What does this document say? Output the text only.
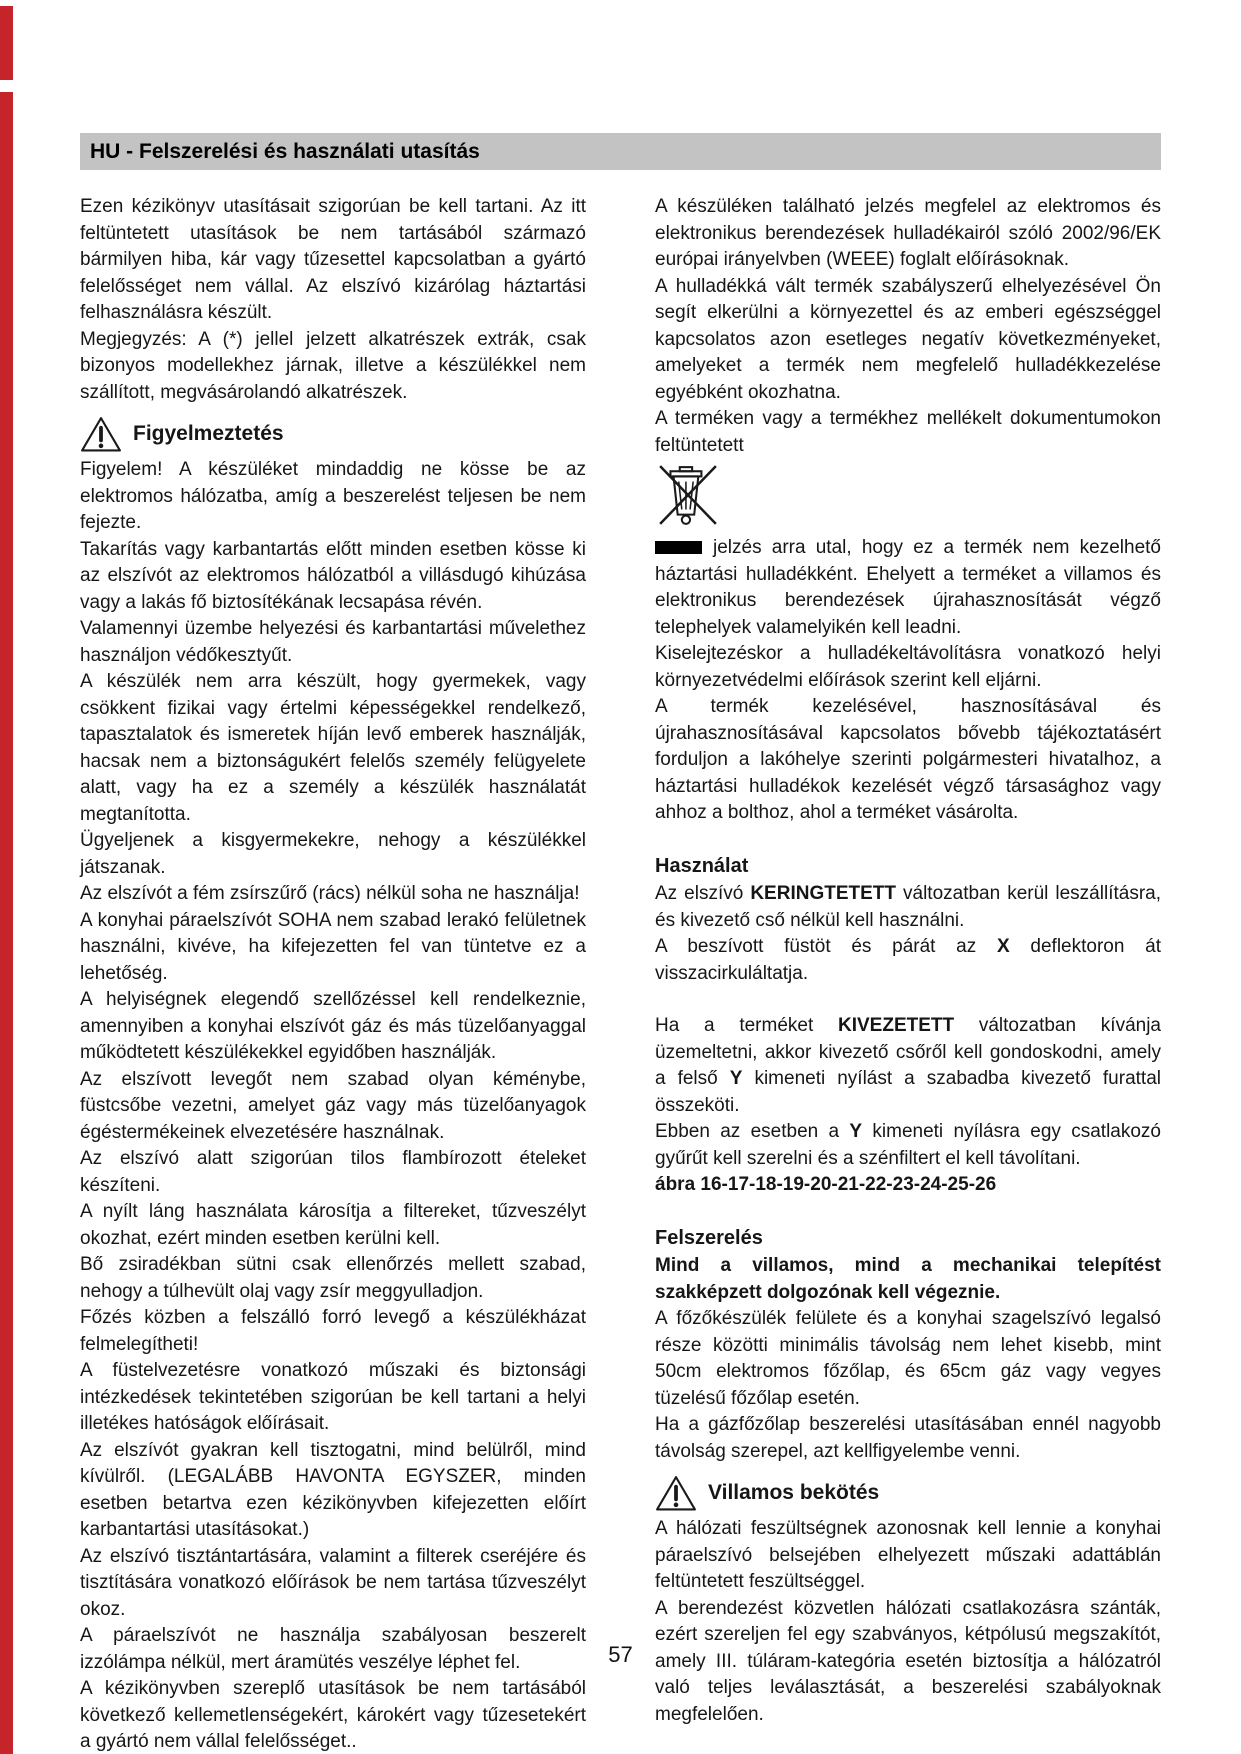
HU - Felszerelési és használati utasítás

Ezen kézikönyv utasításait szigorúan be kell tartani. Az itt feltüntetett utasítások be nem tartásából származó bármilyen hiba, kár vagy tűzesettel kapcsolatban a gyártó felelősséget nem vállal. Az elszívó kizárólag háztartási felhasználásra készült.

Megjegyzés: A (*) jellel jelzett alkatrészek extrák, csak bizonyos modellekhez járnak, illetve a készülékkel nem szállított, megvásárolandó alkatrészek.

Figyelmeztetés

Figyelem! A készüléket mindaddig ne kösse be az elektromos hálózatba, amíg a beszerelést teljesen be nem fejezte.

Takarítás vagy karbantartás előtt minden esetben kösse ki az elszívót az elektromos hálózatból a villásdugó kihúzása vagy a lakás fő biztosítékának lecsapása révén.

Valamennyi üzembe helyezési és karbantartási művelethez használjon védőkesztyűt.

A készülék nem arra készült, hogy gyermekek, vagy csökkent fizikai vagy értelmi képességekkel rendelkező, tapasztalatok és ismeretek híján levő emberek használják, hacsak nem a biztonságukért felelős személy felügyelete alatt, vagy ha ez a személy a készülék használatát megtanította.

Ügyeljenek a kisgyermekekre, nehogy a készülékkel játszanak.

Az elszívót a fém zsírszűrő (rács) nélkül soha ne használja!

A konyhai páraelszívót SOHA nem szabad lerakó felületnek használni, kivéve, ha kifejezetten fel van tüntetve ez a lehetőség.

A helyiségnek elegendő szellőzéssel kell rendelkeznie, amennyiben a konyhai elszívót gáz és más tüzelőanyaggal működtetett készülékekkel egyidőben használják.

Az elszívott levegőt nem szabad olyan kéménybe, füstcsőbe vezetni, amelyet gáz vagy más tüzelőanyagok égéstermékeinek elvezetésére használnak.

Az elszívó alatt szigorúan tilos flambírozott ételeket készíteni.

A nyílt láng használata károsítja a filtereket, tűzveszélyt okozhat, ezért minden esetben kerülni kell.

Bő zsiradékban sütni csak ellenőrzés mellett szabad, nehogy a túlhevült olaj vagy zsír meggyulladjon.

Főzés közben a felszálló forró levegő a készülékházat felmelegítheti!

A füstelvezetésre vonatkozó műszaki és biztonsági intézkedések tekintetében szigorúan be kell tartani a helyi illetékes hatóságok előírásait.

Az elszívót gyakran kell tisztogatni, mind belülről, mind kívülről. (LEGALÁBB HAVONTA EGYSZER, minden esetben betartva ezen kézikönyvben kifejezetten előírt karbantartási utasításokat.)

Az elszívó tisztántartására, valamint a filterek cseréjére és tisztítására vonatkozó előírások be nem tartása tűzveszélyt okoz.

A páraelszívót ne használja szabályosan beszerelt izzólámpa nélkül, mert áramütés veszélye léphet fel.

A kézikönyvben szereplő utasítások be nem tartásából következő kellemetlenségekért, károkért vagy tűzesetekért a gyártó nem vállal felelősséget..

A készüléken található jelzés megfelel az elektromos és elektronikus berendezések hulladékairól szóló 2002/96/EK európai irányelvben (WEEE) foglalt előírásoknak.

A hulladékká vált termék szabályszerű elhelyezésével Ön segít elkerülni a környezettel és az emberi egészséggel kapcsolatos azon esetleges negatív következményeket, amelyeket a termék nem megfelelő hulladékkezelése egyébként okozhatna.

A terméken vagy a termékhez mellékelt dokumentumokon feltüntetett

jelzés arra utal, hogy ez a termék nem kezelhető háztartási hulladékként. Ehelyett a terméket a villamos és elektronikus berendezések újrahasznosítását végző telephelyek valamelyikén kell leadni.

Kiselejtezéskor a hulladékeltávolításra vonatkozó helyi környezetvédelmi előírások szerint kell eljárni.

A termék kezelésével, hasznosításával és újrahasznosításával kapcsolatos bővebb tájékoztatásért forduljon a lakóhelye szerinti polgármesteri hivatalhoz, a háztartási hulladékok kezelését végző társasághoz vagy ahhoz a bolthoz, ahol a terméket vásárolta.

Használat

Az elszívó KERINGTETETT változatban kerül leszállításra, és kivezető cső nélkül kell használni.

A beszívott füstöt és párát az X deflektoron át visszacirkuláltatja.

Ha a terméket KIVEZETETT változatban kívánja üzemeltetni, akkor kivezető csőről kell gondoskodni, amely a felső Y kimeneti nyílást a szabadba kivezető furattal összeköti.

Ebben az esetben a Y kimeneti nyílásra egy csatlakozó gyűrűt kell szerelni és a szénfiltert el kell távolítani.

ábra 16-17-18-19-20-21-22-23-24-25-26

Felszerelés

Mind a villamos, mind a mechanikai telepítést szakképzett dolgozónak kell végeznie.

A főzőkészülék felülete és a konyhai szagelszívó legalsó része közötti minimális távolság nem lehet kisebb, mint 50cm elektromos főzőlap, és 65cm gáz vagy vegyes tüzelésű főzőlap esetén.

Ha a gázfőzőlap beszerelési utasításában ennél nagyobb távolság szerepel, azt kellfigyelembe venni.

Villamos bekötés

A hálózati feszültségnek azonosnak kell lennie a konyhai páraelszívó belsejében elhelyezett műszaki adattáblán feltüntetett feszültséggel.

A berendezést közvetlen hálózati csatlakozásra szánták, ezért szereljen fel egy szabványos, kétpólusú megszakítót, amely III. túláram-kategória esetén biztosítja a hálózatról való teljes leválasztását, a beszerelési szabályoknak megfelelően.

57
